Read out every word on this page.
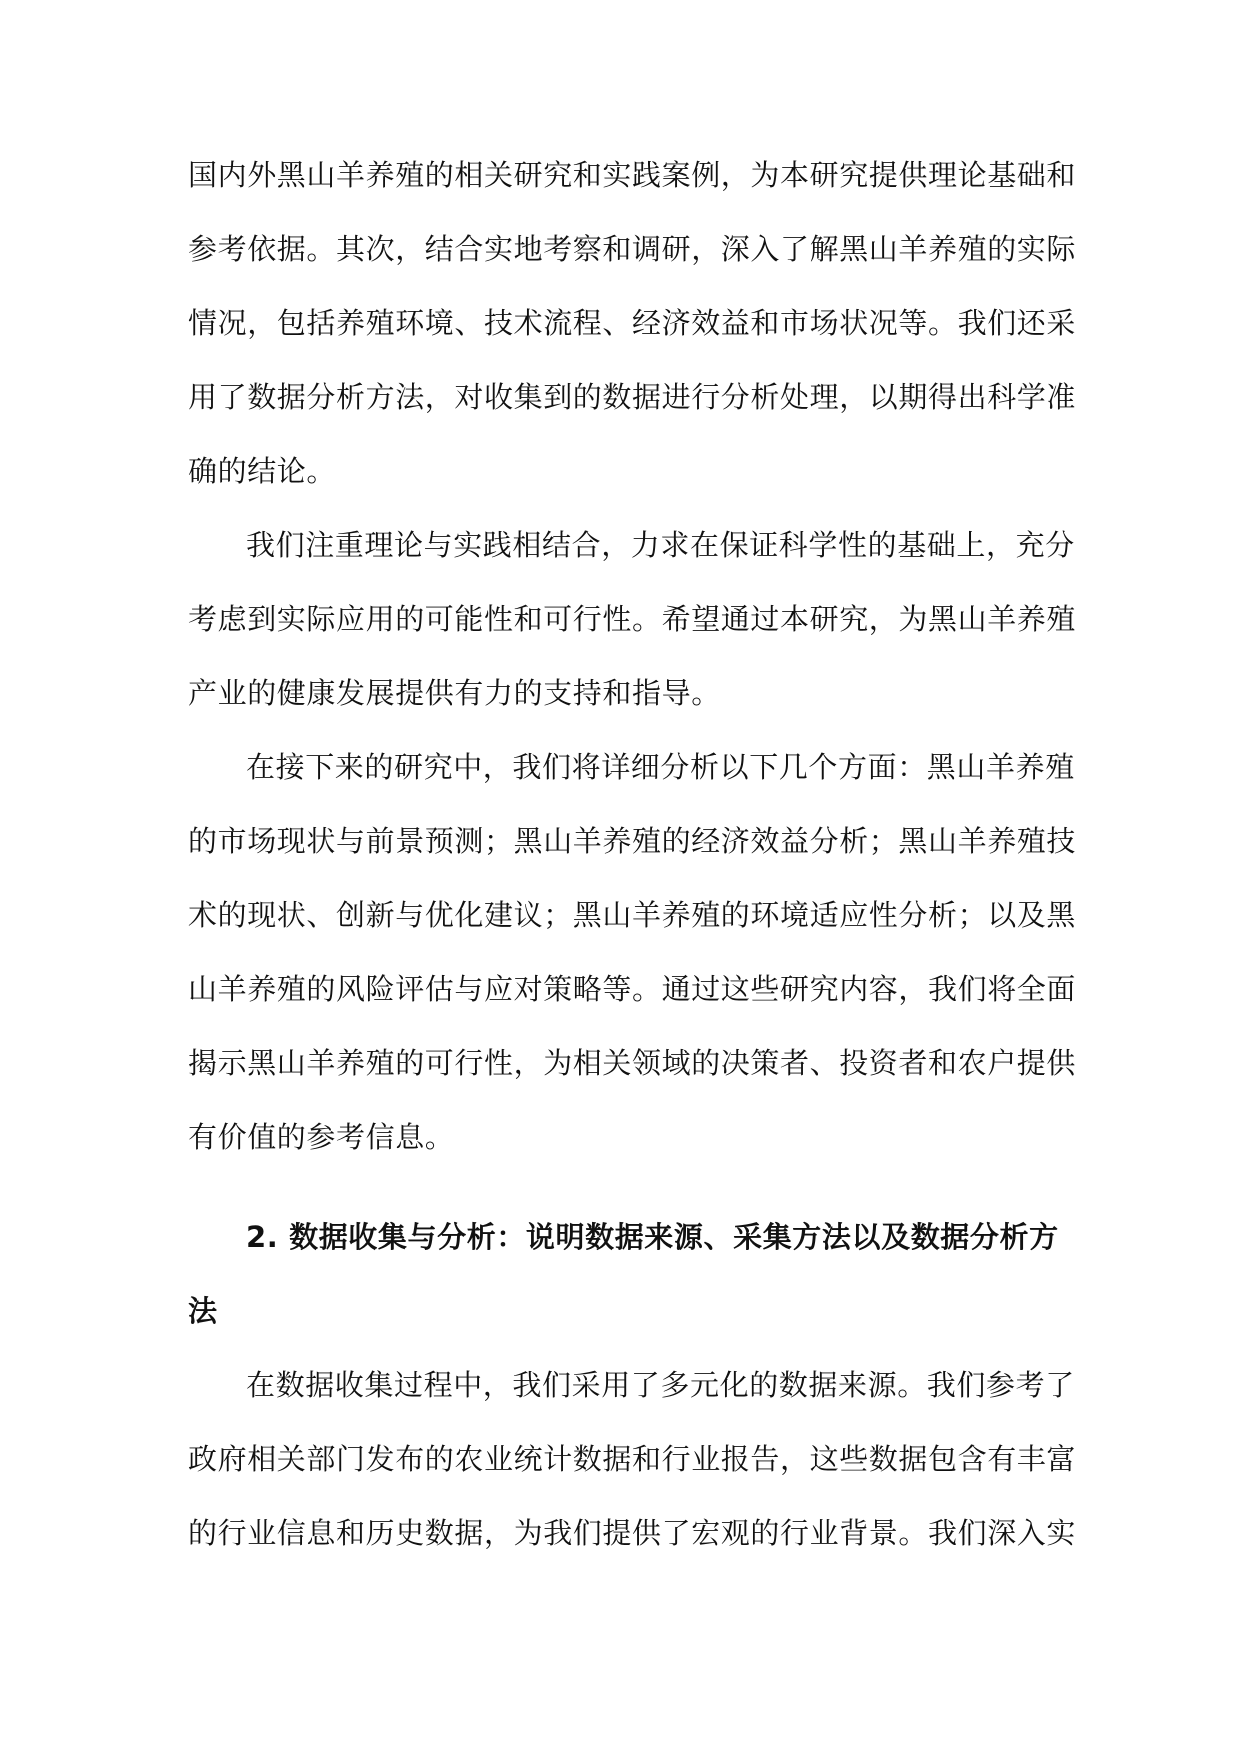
国内外黑山羊养殖的相关研究和实践案例，为本研究提供理论基础和
参考依据。其次，结合实地考察和调研，深入了解黑山羊养殖的实际
情况，包括养殖环境、技术流程、经济效益和市场状况等。我们还采
用了数据分析方法，对收集到的数据进行分析处理，以期得出科学准
确的结论。
我们注重理论与实践相结合，力求在保证科学性的基础上，充分
考虑到实际应用的可能性和可行性。希望通过本研究，为黑山羊养殖
产业的健康发展提供有力的支持和指导。
在接下来的研究中，我们将详细分析以下几个方面：黑山羊养殖
的市场现状与前景预测；黑山羊养殖的经济效益分析；黑山羊养殖技
术的现状、创新与优化建议；黑山羊养殖的环境适应性分析；以及黑
山羊养殖的风险评估与应对策略等。通过这些研究内容，我们将全面
揭示黑山羊养殖的可行性，为相关领域的决策者、投资者和农户提供
有价值的参考信息。
2. 数据收集与分析：说明数据来源、采集方法以及数据分析方
法
在数据收集过程中，我们采用了多元化的数据来源。我们参考了
政府相关部门发布的农业统计数据和行业报告，这些数据包含有丰富
的行业信息和历史数据，为我们提供了宏观的行业背景。我们深入实
